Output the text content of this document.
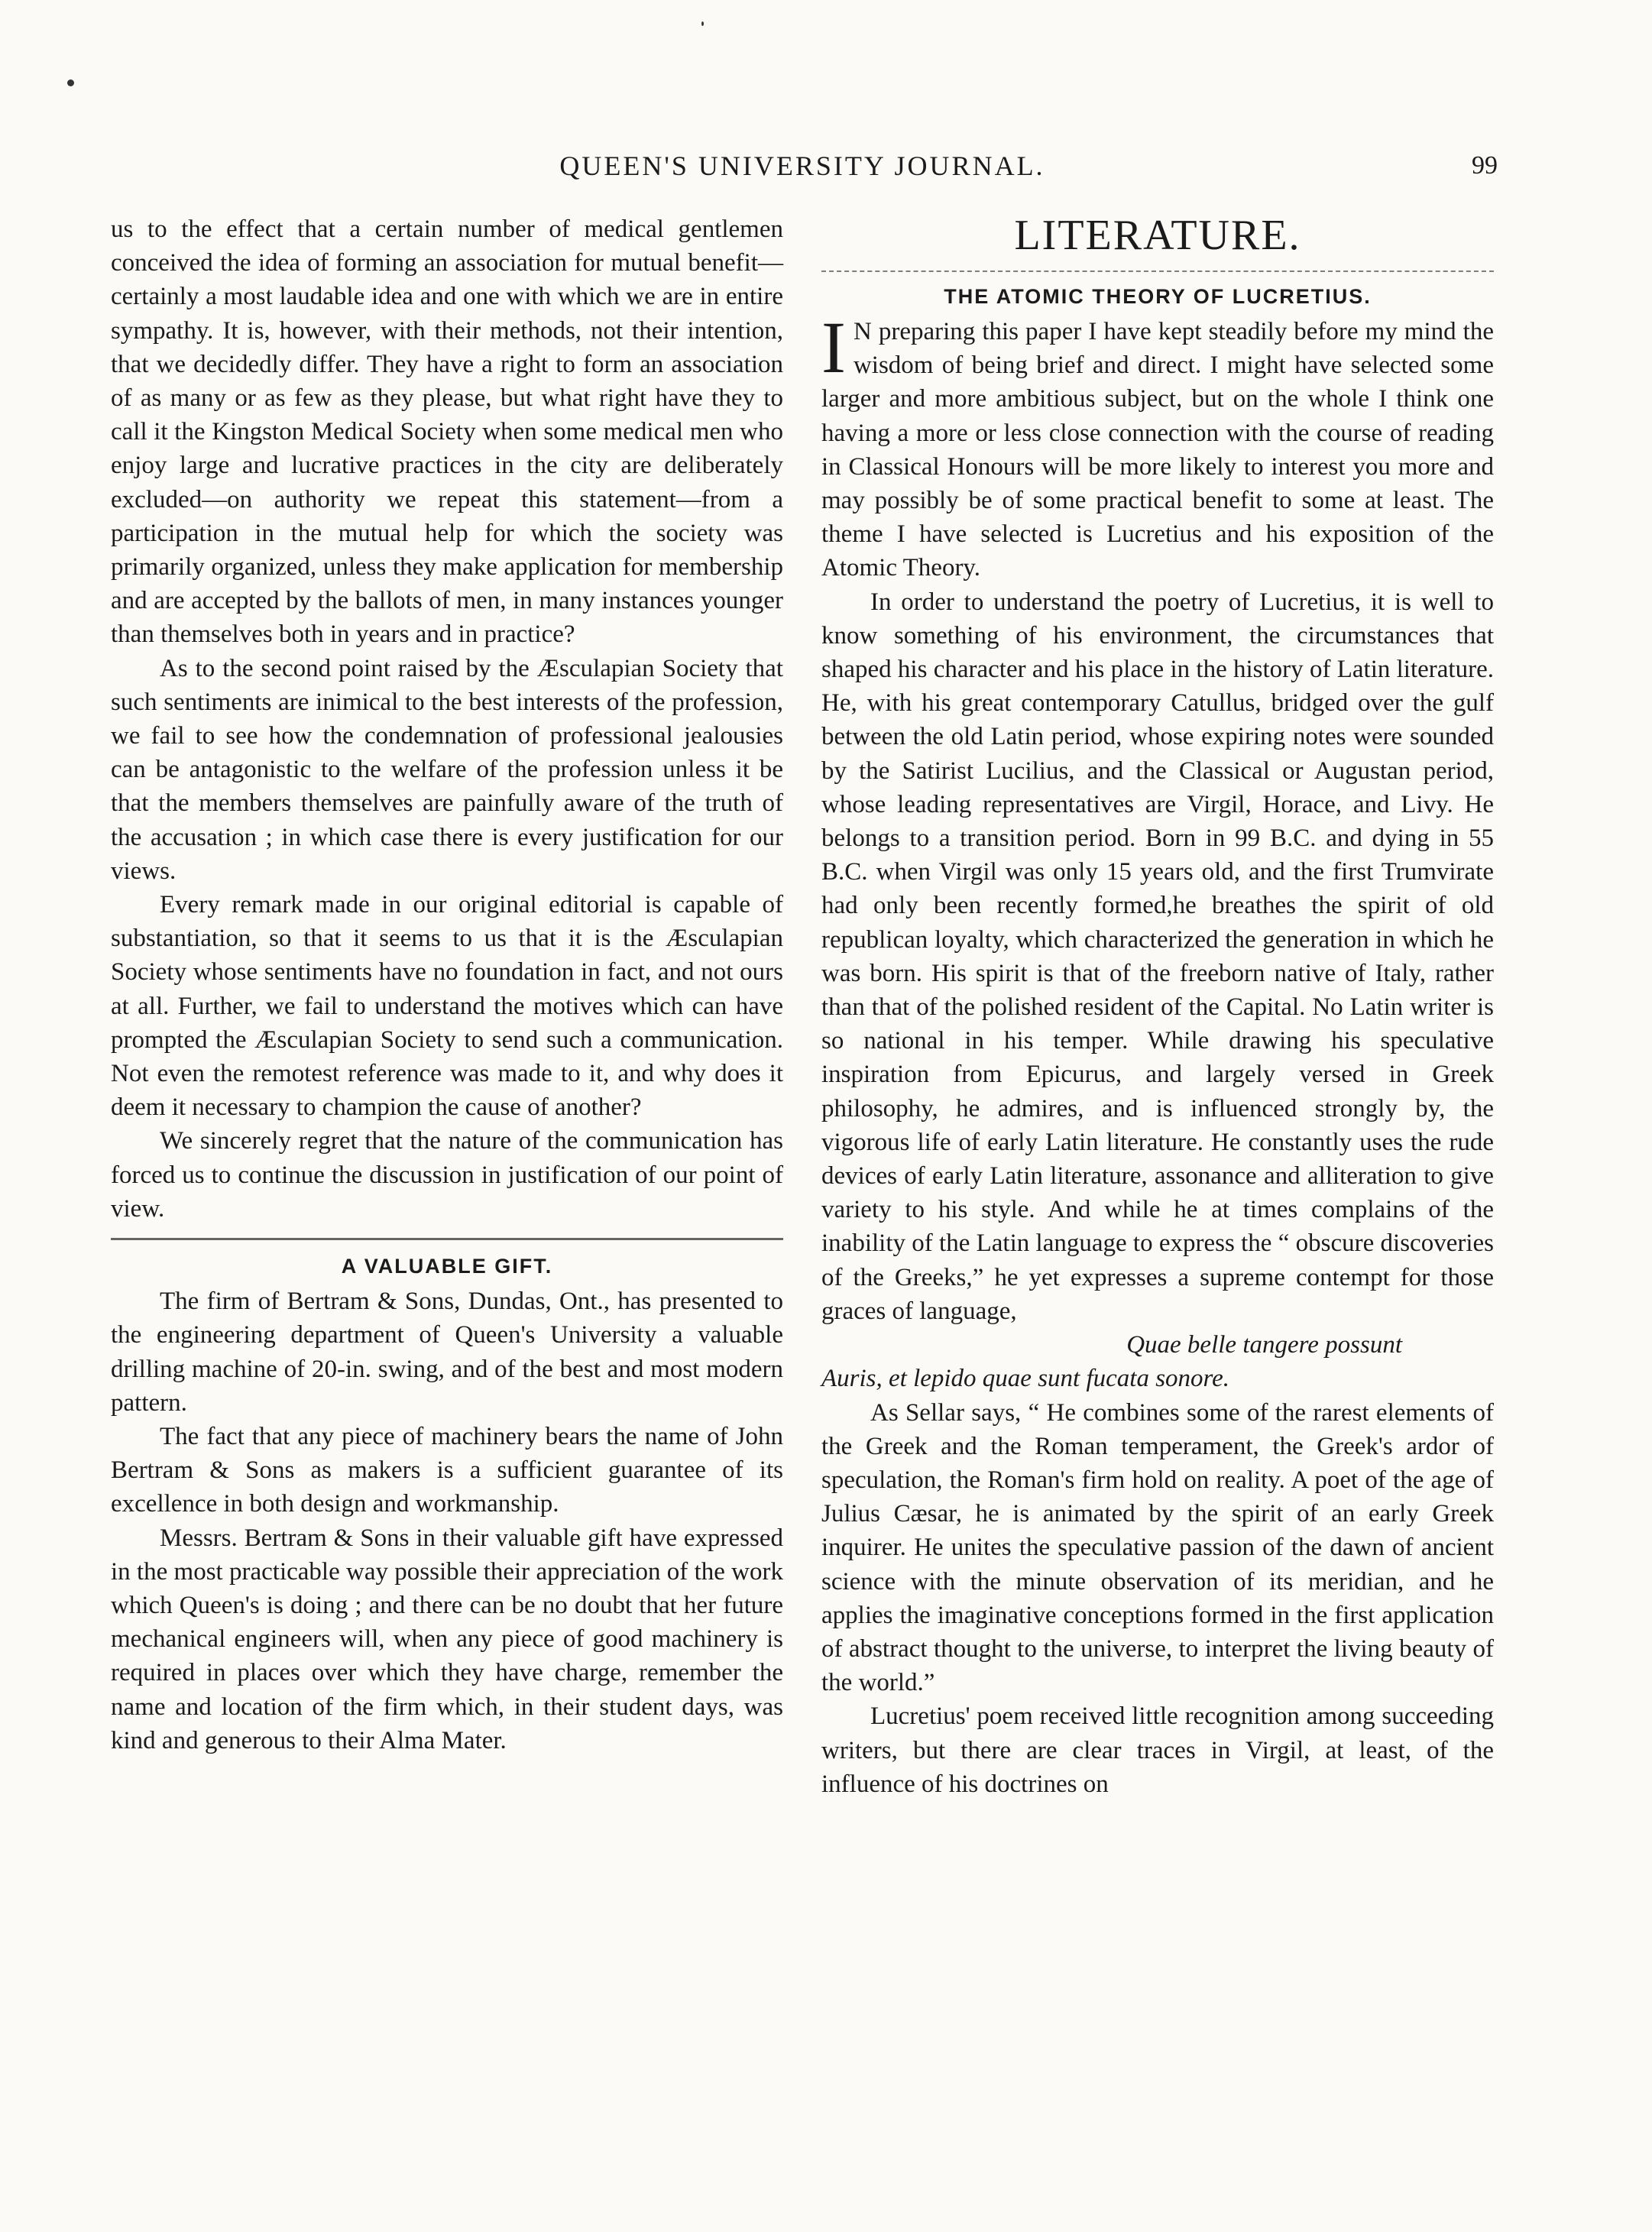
QUEEN'S UNIVERSITY JOURNAL.	99

us to the effect that a certain number of medical gentlemen conceived the idea of forming an association for mutual benefit—certainly a most laudable idea and one with which we are in entire sympathy. It is, however, with their methods, not their intention, that we decidedly differ. They have a right to form an association of as many or as few as they please, but what right have they to call it the Kingston Medical Society when some medical men who enjoy large and lucrative practices in the city are deliberately excluded—on authority we repeat this statement—from a participation in the mutual help for which the society was primarily organized, unless they make application for membership and are accepted by the ballots of men, in many instances younger than themselves both in years and in practice?

As to the second point raised by the Æsculapian Society that such sentiments are inimical to the best interests of the profession, we fail to see how the condemnation of professional jealousies can be antagonistic to the welfare of the profession unless it be that the members themselves are painfully aware of the truth of the accusation ; in which case there is every justification for our views.

Every remark made in our original editorial is capable of substantiation, so that it seems to us that it is the Æsculapian Society whose sentiments have no foundation in fact, and not ours at all. Further, we fail to understand the motives which can have prompted the Æsculapian Society to send such a communication. Not even the remotest reference was made to it, and why does it deem it necessary to champion the cause of another?

We sincerely regret that the nature of the communication has forced us to continue the discussion in justification of our point of view.

A VALUABLE GIFT.

The firm of Bertram & Sons, Dundas, Ont., has presented to the engineering department of Queen's University a valuable drilling machine of 20-in. swing, and of the best and most modern pattern.

The fact that any piece of machinery bears the name of John Bertram & Sons as makers is a sufficient guarantee of its excellence in both design and workmanship.

Messrs. Bertram & Sons in their valuable gift have expressed in the most practicable way possible their appreciation of the work which Queen's is doing ; and there can be no doubt that her future mechanical engineers will, when any piece of good machinery is required in places over which they have charge, remember the name and location of the firm which, in their student days, was kind and generous to their Alma Mater.

LITERATURE.
THE ATOMIC THEORY OF LUCRETIUS.

I N preparing this paper I have kept steadily before my mind the wisdom of being brief and direct. I might have selected some larger and more ambitious subject, but on the whole I think one having a more or less close connection with the course of reading in Classical Honours will be more likely to interest you more and may possibly be of some practical benefit to some at least. The theme I have selected is Lucretius and his exposition of the Atomic Theory.

In order to understand the poetry of Lucretius, it is well to know something of his environment, the circumstances that shaped his character and his place in the history of Latin literature. He, with his great contemporary Catullus, bridged over the gulf between the old Latin period, whose expiring notes were sounded by the Satirist Lucilius, and the Classical or Augustan period, whose leading representatives are Virgil, Horace, and Livy. He belongs to a transition period. Born in 99 B.C. and dying in 55 B.C. when Virgil was only 15 years old, and the first Trumvirate had only been recently formed,he breathes the spirit of old republican loyalty, which characterized the generation in which he was born. His spirit is that of the freeborn native of Italy, rather than that of the polished resident of the Capital. No Latin writer is so national in his temper. While drawing his speculative inspiration from Epicurus, and largely versed in Greek philosophy, he admires, and is influenced strongly by, the vigorous life of early Latin literature. He constantly uses the rude devices of early Latin literature, assonance and alliteration to give variety to his style. And while he at times complains of the inability of the Latin language to express the “ obscure discoveries of the Greeks,” he yet expresses a supreme contempt for those graces of language,

Quae belle tangere possunt
Auris, et lepido quae sunt fucata sonore.

As Sellar says, “ He combines some of the rarest elements of the Greek and the Roman temperament, the Greek's ardor of speculation, the Roman's firm hold on reality. A poet of the age of Julius Cæsar, he is animated by the spirit of an early Greek inquirer. He unites the speculative passion of the dawn of ancient science with the minute observation of its meridian, and he applies the imaginative conceptions formed in the first application of abstract thought to the universe, to interpret the living beauty of the world.”

Lucretius' poem received little recognition among succeeding writers, but there are clear traces in Virgil, at least, of the influence of his doctrines on
